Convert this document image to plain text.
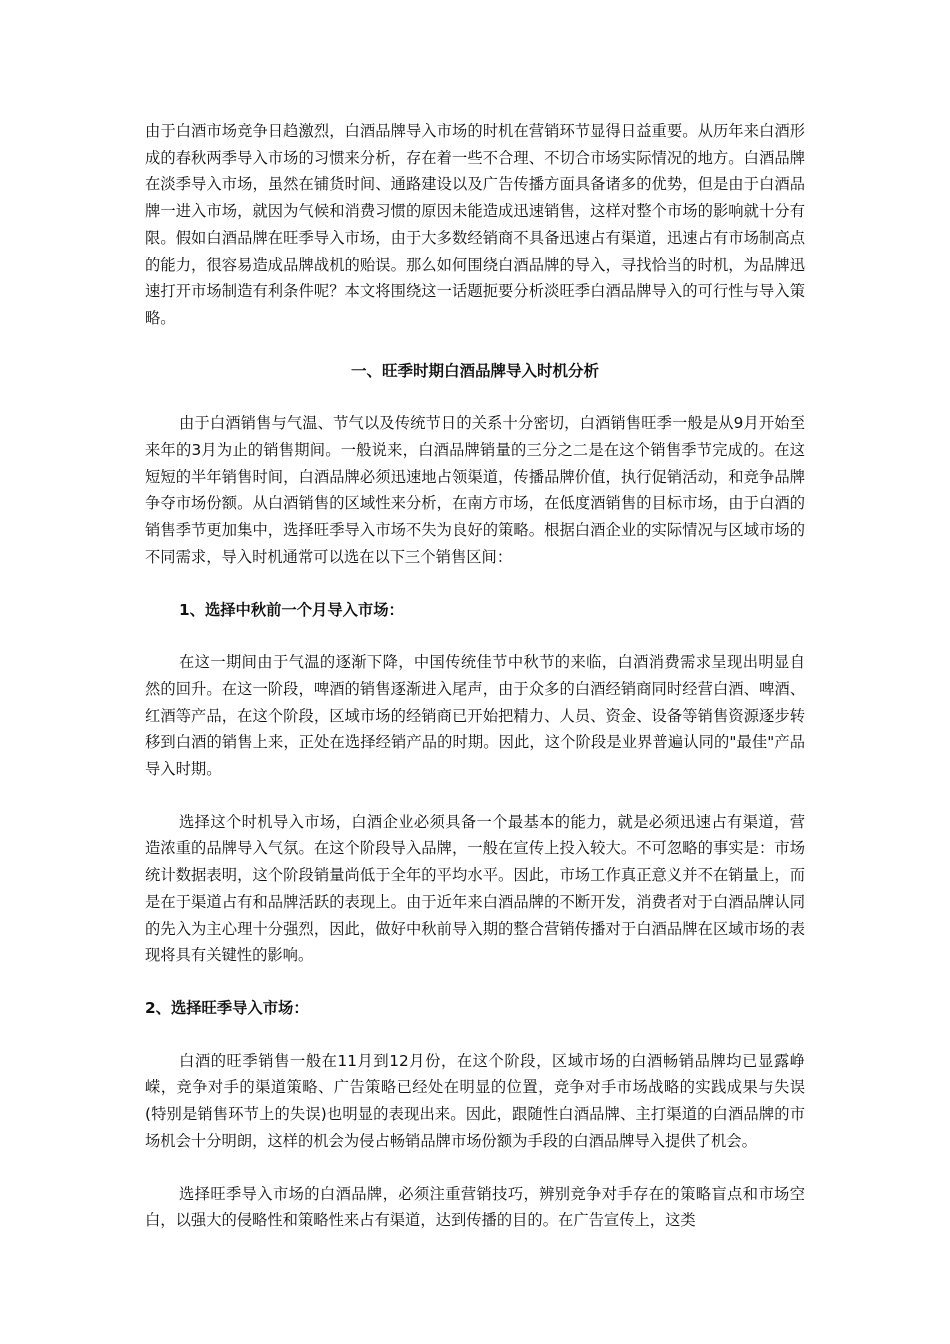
由于白酒市场竞争日趋激烈，白酒品牌导入市场的时机在营销环节显得日益重要。从历年来白酒形成的春秋两季导入市场的习惯来分析，存在着一些不合理、不切合市场实际情况的地方。白酒品牌在淡季导入市场，虽然在铺货时间、通路建设以及广告传播方面具备诸多的优势，但是由于白酒品牌一进入市场，就因为气候和消费习惯的原因未能造成迅速销售，这样对整个市场的影响就十分有限。假如白酒品牌在旺季导入市场，由于大多数经销商不具备迅速占有渠道，迅速占有市场制高点的能力，很容易造成品牌战机的贻误。那么如何围绕白酒品牌的导入，寻找恰当的时机，为品牌迅速打开市场制造有利条件呢？本文将围绕这一话题扼要分析淡旺季白酒品牌导入的可行性与导入策略。

一、旺季时期白酒品牌导入时机分析

由于白酒销售与气温、节气以及传统节日的关系十分密切，白酒销售旺季一般是从9月开始至来年的3月为止的销售期间。一般说来，白酒品牌销量的三分之二是在这个销售季节完成的。在这短短的半年销售时间，白酒品牌必须迅速地占领渠道，传播品牌价值，执行促销活动，和竞争品牌争夺市场份额。从白酒销售的区域性来分析，在南方市场，在低度酒销售的目标市场，由于白酒的销售季节更加集中，选择旺季导入市场不失为良好的策略。根据白酒企业的实际情况与区域市场的不同需求，导入时机通常可以选在以下三个销售区间：

1、选择中秋前一个月导入市场：

在这一期间由于气温的逐渐下降，中国传统佳节中秋节的来临，白酒消费需求呈现出明显自然的回升。在这一阶段，啤酒的销售逐渐进入尾声，由于众多的白酒经销商同时经营白酒、啤酒、红酒等产品，在这个阶段，区域市场的经销商已开始把精力、人员、资金、设备等销售资源逐步转移到白酒的销售上来，正处在选择经销产品的时期。因此，这个阶段是业界普遍认同的"最佳"产品导入时期。

选择这个时机导入市场，白酒企业必须具备一个最基本的能力，就是必须迅速占有渠道，营造浓重的品牌导入气氛。在这个阶段导入品牌，一般在宣传上投入较大。不可忽略的事实是：市场统计数据表明，这个阶段销量尚低于全年的平均水平。因此，市场工作真正意义并不在销量上，而是在于渠道占有和品牌活跃的表现上。由于近年来白酒品牌的不断开发，消费者对于白酒品牌认同的先入为主心理十分强烈，因此，做好中秋前导入期的整合营销传播对于白酒品牌在区域市场的表现将具有关键性的影响。

2、选择旺季导入市场：

白酒的旺季销售一般在11月到12月份，在这个阶段，区域市场的白酒畅销品牌均已显露峥嵘，竞争对手的渠道策略、广告策略已经处在明显的位置，竞争对手市场战略的实践成果与失误(特别是销售环节上的失误)也明显的表现出来。因此，跟随性白酒品牌、主打渠道的白酒品牌的市场机会十分明朗，这样的机会为侵占畅销品牌市场份额为手段的白酒品牌导入提供了机会。

选择旺季导入市场的白酒品牌，必须注重营销技巧，辨别竞争对手存在的策略盲点和市场空白，以强大的侵略性和策略性来占有渠道，达到传播的目的。在广告宣传上，这类
